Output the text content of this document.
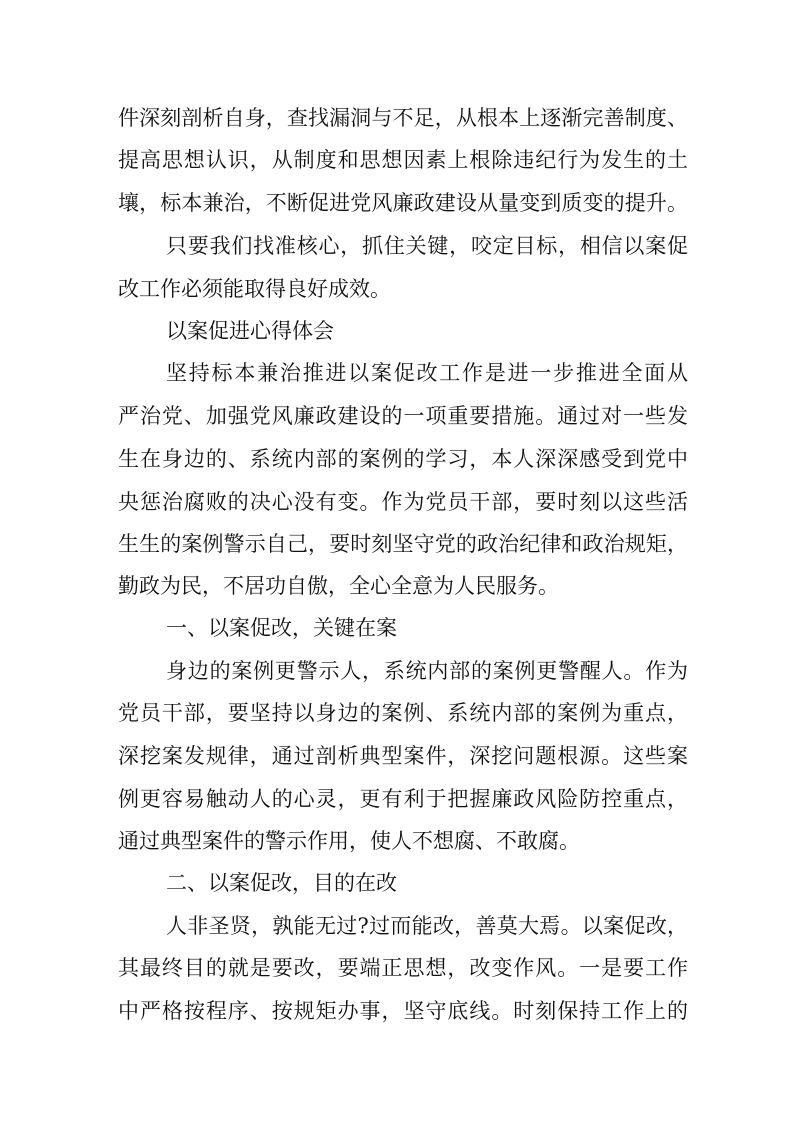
件深刻剖析自身，查找漏洞与不足，从根本上逐渐完善制度、

提高思想认识，从制度和思想因素上根除违纪行为发生的土

壤，标本兼治，不断促进党风廉政建设从量变到质变的提升。

只要我们找准核心，抓住关键，咬定目标，相信以案促

改工作必须能取得良好成效。

以案促进心得体会

坚持标本兼治推进以案促改工作是进一步推进全面从

严治党、加强党风廉政建设的一项重要措施。通过对一些发

生在身边的、系统内部的案例的学习，本人深深感受到党中

央惩治腐败的决心没有变。作为党员干部，要时刻以这些活

生生的案例警示自己，要时刻坚守党的政治纪律和政治规矩，

勤政为民，不居功自傲，全心全意为人民服务。

一、以案促改，关键在案

身边的案例更警示人，系统内部的案例更警醒人。作为

党员干部，要坚持以身边的案例、系统内部的案例为重点，

深挖案发规律，通过剖析典型案件，深挖问题根源。这些案

例更容易触动人的心灵，更有利于把握廉政风险防控重点，

通过典型案件的警示作用，使人不想腐、不敢腐。

二、以案促改，目的在改

人非圣贤，孰能无过?过而能改，善莫大焉。以案促改，

其最终目的就是要改，要端正思想，改变作风。一是要工作

中严格按程序、按规矩办事，坚守底线。时刻保持工作上的
